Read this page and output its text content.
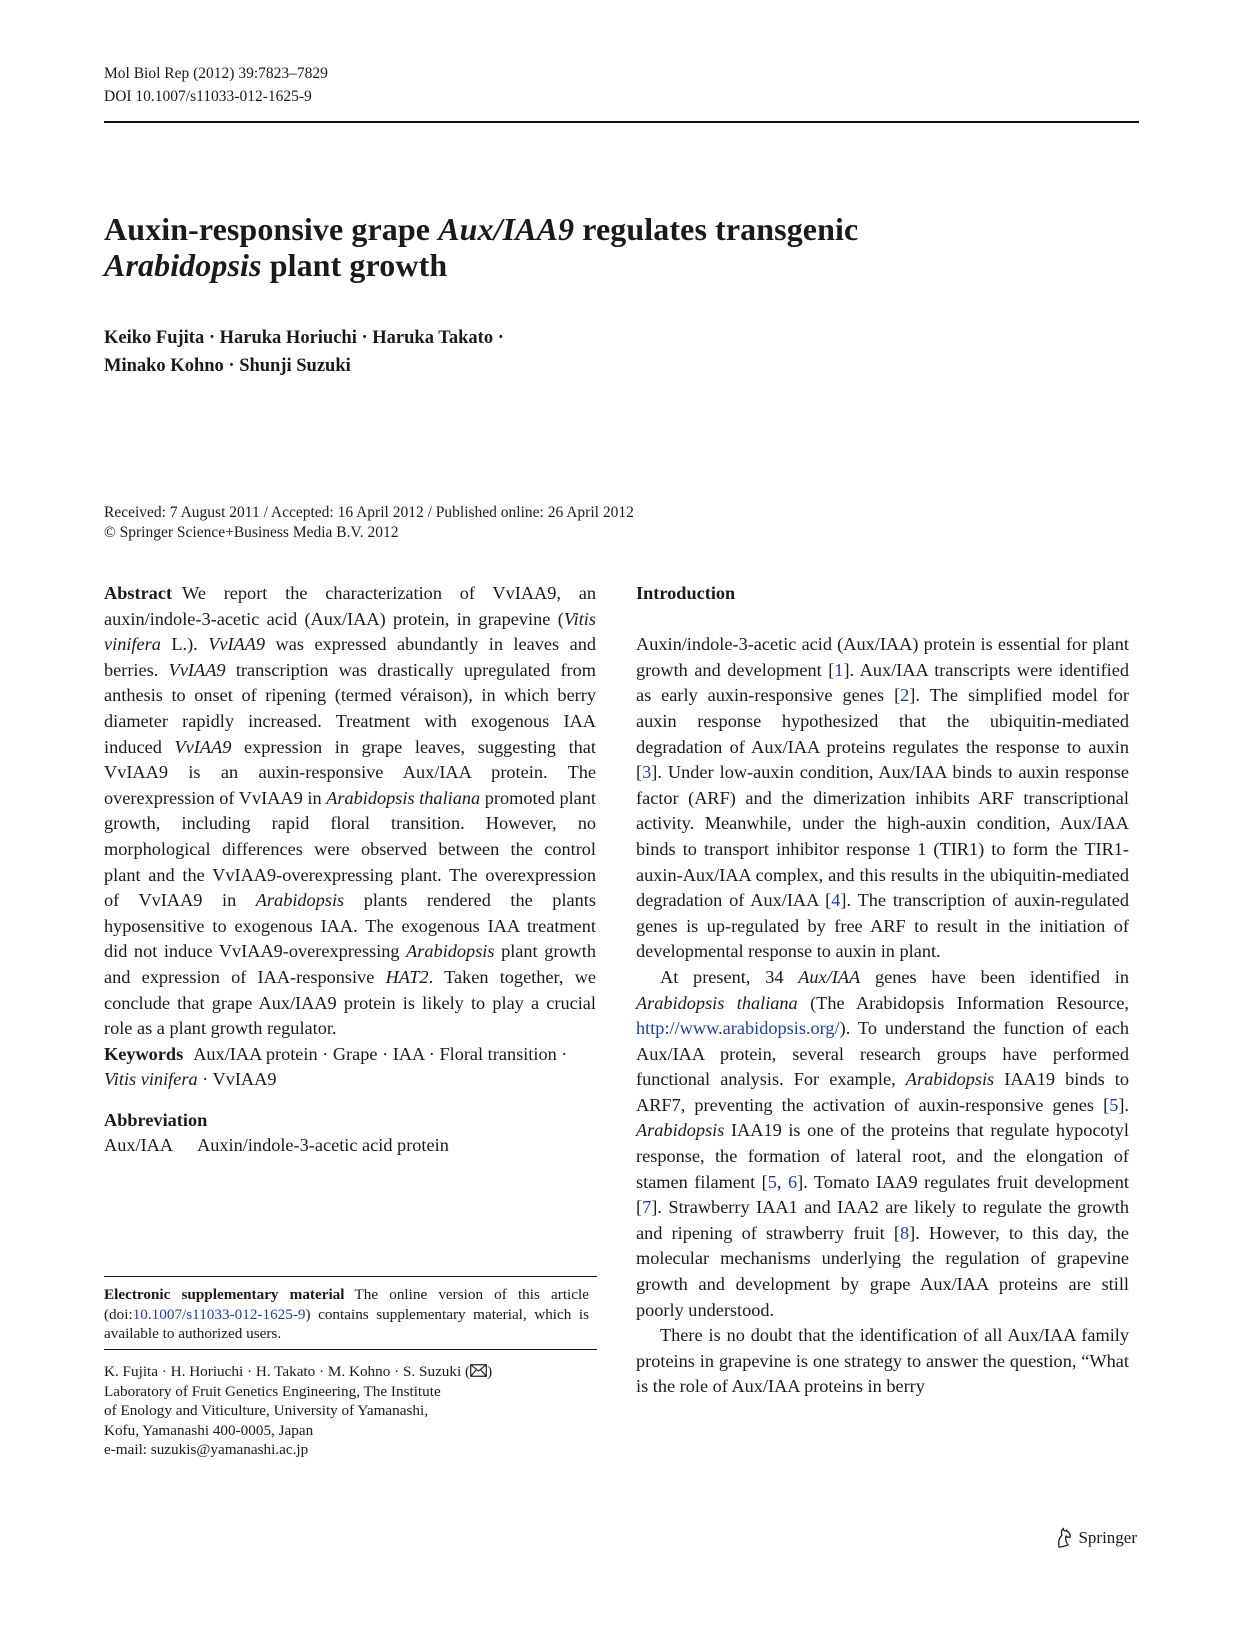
Mol Biol Rep (2012) 39:7823–7829
DOI 10.1007/s11033-012-1625-9
Auxin-responsive grape Aux/IAA9 regulates transgenic
Arabidopsis plant growth
Keiko Fujita · Haruka Horiuchi · Haruka Takato ·
Minako Kohno · Shunji Suzuki
Received: 7 August 2011 / Accepted: 16 April 2012 / Published online: 26 April 2012
© Springer Science+Business Media B.V. 2012

Abstract We report the characterization of VvIAA9, an auxin/indole-3-acetic acid (Aux/IAA) protein, in grapevine (Vitis vinifera L.). VvIAA9 was expressed abundantly in leaves and berries. VvIAA9 transcription was drastically upregulated from anthesis to onset of ripening (termed véraison), in which berry diameter rapidly increased. Treatment with exogenous IAA induced VvIAA9 expression in grape leaves, suggesting that VvIAA9 is an auxin-responsive Aux/IAA protein. The overexpression of VvIAA9 in Arabidopsis thaliana promoted plant growth, including rapid floral transition. However, no morphological differences were observed between the control plant and the VvIAA9-overexpressing plant. The overexpression of VvIAA9 in Arabidopsis plants rendered the plants hyposensitive to exogenous IAA. The exogenous IAA treatment did not induce VvIAA9-overexpressing Arabidopsis plant growth and expression of IAA-responsive HAT2. Taken together, we conclude that grape Aux/IAA9 protein is likely to play a crucial role as a plant growth regulator.

Keywords Aux/IAA protein · Grape · IAA · Floral transition · Vitis vinifera · VvIAA9

Abbreviation
Aux/IAA Auxin/indole-3-acetic acid protein

Electronic supplementary material The online version of this article (doi:10.1007/s11033-012-1625-9) contains supplementary material, which is available to authorized users.

K. Fujita · H. Horiuchi · H. Takato · M. Kohno · S. Suzuki ( )
Laboratory of Fruit Genetics Engineering, The Institute
of Enology and Viticulture, University of Yamanashi,
Kofu, Yamanashi 400-0005, Japan
e-mail: suzukis@yamanashi.ac.jp
Introduction

Auxin/indole-3-acetic acid (Aux/IAA) protein is essential for plant growth and development [1]. Aux/IAA transcripts were identified as early auxin-responsive genes [2]. The simplified model for auxin response hypothesized that the ubiquitin-mediated degradation of Aux/IAA proteins regulates the response to auxin [3]. Under low-auxin condition, Aux/IAA binds to auxin response factor (ARF) and the dimerization inhibits ARF transcriptional activity. Meanwhile, under the high-auxin condition, Aux/IAA binds to transport inhibitor response 1 (TIR1) to form the TIR1-auxin-Aux/IAA complex, and this results in the ubiquitin-mediated degradation of Aux/IAA [4]. The transcription of auxin-regulated genes is up-regulated by free ARF to result in the initiation of developmental response to auxin in plant.

At present, 34 Aux/IAA genes have been identified in Arabidopsis thaliana (The Arabidopsis Information Resource, http://www.arabidopsis.org/). To understand the function of each Aux/IAA protein, several research groups have performed functional analysis. For example, Arabidopsis IAA19 binds to ARF7, preventing the activation of auxin-responsive genes [5]. Arabidopsis IAA19 is one of the proteins that regulate hypocotyl response, the formation of lateral root, and the elongation of stamen filament [5, 6]. Tomato IAA9 regulates fruit development [7]. Strawberry IAA1 and IAA2 are likely to regulate the growth and ripening of strawberry fruit [8]. However, to this day, the molecular mechanisms underlying the regulation of grapevine growth and development by grape Aux/IAA proteins are still poorly understood.

There is no doubt that the identification of all Aux/IAA family proteins in grapevine is one strategy to answer the question, “What is the role of Aux/IAA proteins in berry

Springer
